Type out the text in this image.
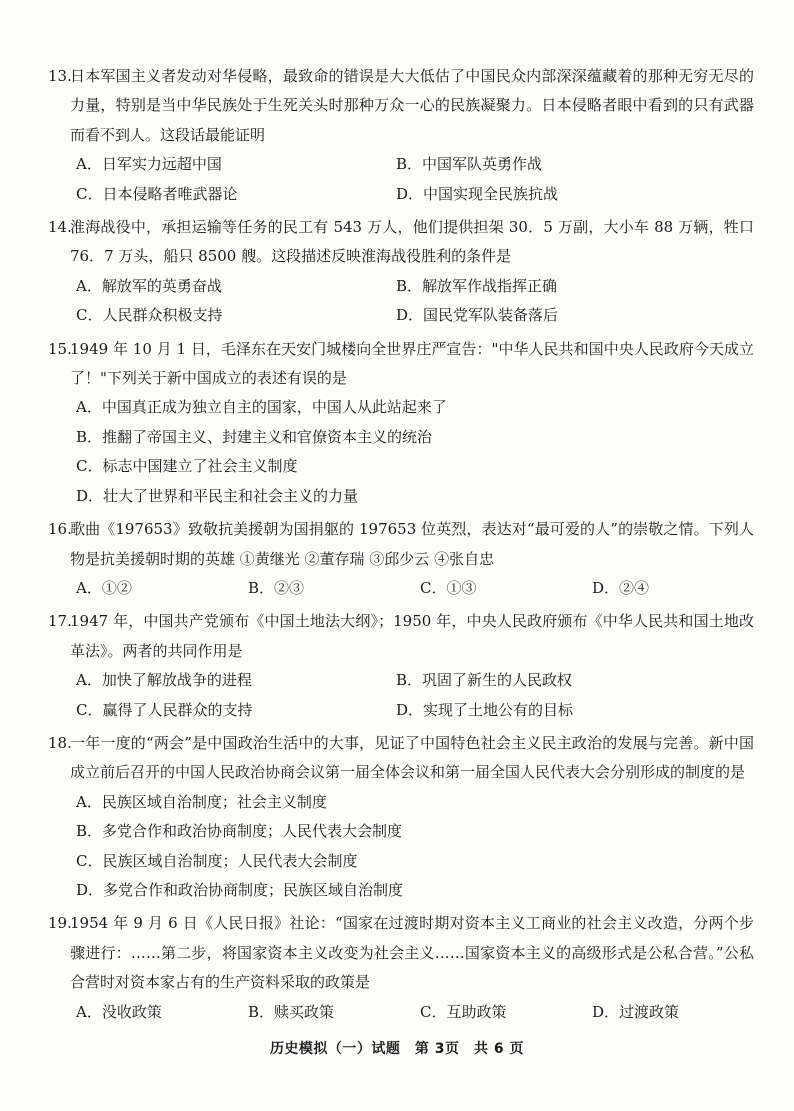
13.
日本军国主义者发动对华侵略，最致命的错误是大大低估了中国民众内部深深蕴藏着的那种无穷无尽的力量，特别是当中华民族处于生死关头时那种万众一心的民族凝聚力。日本侵略者眼中看到的只有武器而看不到人。这段话最能证明
A．日军实力远超中国	B．中国军队英勇作战
C．日本侵略者唯武器论	D．中国实现全民族抗战
14.
淮海战役中，承担运输等任务的民工有 543 万人，他们提供担架 30．5 万副，大小车 88 万辆，牲口 76．7 万头，船只 8500 艘。这段描述反映淮海战役胜利的条件是
A．解放军的英勇奋战	B．解放军作战指挥正确
C．人民群众积极支持	D．国民党军队装备落后
15.
1949 年 10 月 1 日，毛泽东在天安门城楼向全世界庄严宣告："中华人民共和国中央人民政府今天成立了！"下列关于新中国成立的表述有误的是
A．中国真正成为独立自主的国家，中国人从此站起来了
B．推翻了帝国主义、封建主义和官僚资本主义的统治
C．标志中国建立了社会主义制度
D．壮大了世界和平民主和社会主义的力量
16.
歌曲《197653》致敬抗美援朝为国捐躯的 197653 位英烈，表达对“最可爱的人”的崇敬之情。下列人物是抗美援朝时期的英雄 ①黄继光 ②董存瑞 ③邱少云 ④张自忠
A．①②	B．②③	C．①③	D．②④
17.
1947 年，中国共产党颁布《中国土地法大纲》；1950 年，中央人民政府颁布《中华人民共和国土地改革法》。两者的共同作用是
A．加快了解放战争的进程	B．巩固了新生的人民政权
C．赢得了人民群众的支持	D．实现了土地公有的目标
18.
一年一度的“两会”是中国政治生活中的大事，见证了中国特色社会主义民主政治的发展与完善。新中国成立前后召开的中国人民政治协商会议第一届全体会议和第一届全国人民代表大会分别形成的制度的是
A．民族区域自治制度；社会主义制度
B．多党合作和政治协商制度；人民代表大会制度
C．民族区域自治制度；人民代表大会制度
D．多党合作和政治协商制度；民族区域自治制度
19.
1954 年 9 月 6 日《人民日报》社论：“国家在过渡时期对资本主义工商业的社会主义改造，分两个步骤进行：……第二步，将国家资本主义改变为社会主义……国家资本主义的高级形式是公私合营。”公私合营时对资本家占有的生产资料采取的政策是
A．没收政策	B．赎买政策	C．互助政策	D．过渡政策
历史模拟（一）试题　第 3页　共 6 页
